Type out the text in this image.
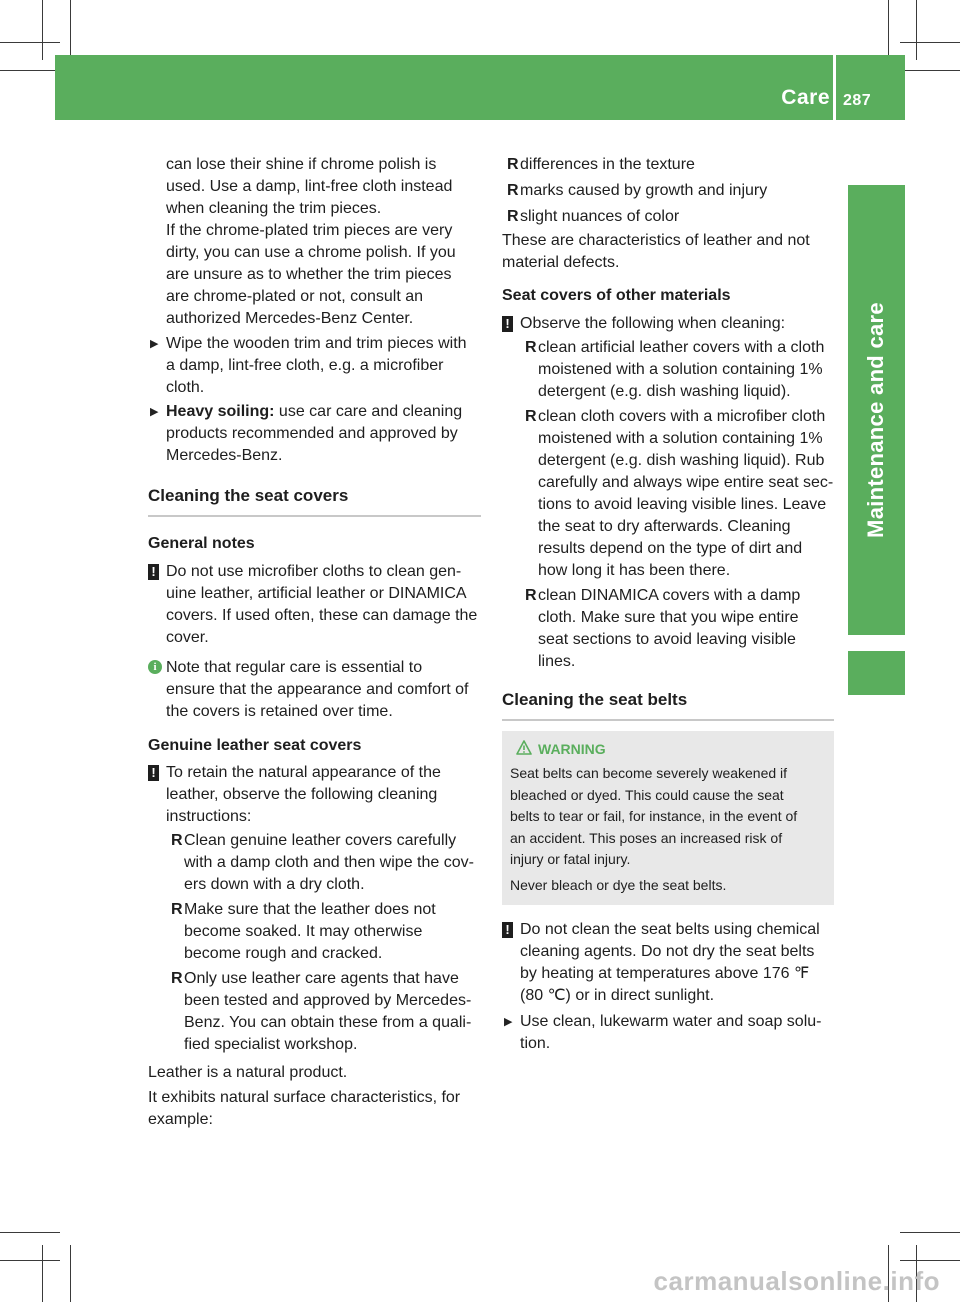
Care 287
Maintenance and care

can lose their shine if chrome polish is

used. Use a damp, lint-free cloth instead

when cleaning the trim pieces.

If the chrome-plated trim pieces are very

dirty, you can use a chrome polish. If you

are unsure as to whether the trim pieces

are chrome-plated or not, consult an

authorized Mercedes-Benz Center.

▶ Wipe the wooden trim and trim pieces with

a damp, lint-free cloth, e.g. a microfiber

cloth.

▶ Heavy soiling: use car care and cleaning

products recommended and approved by

Mercedes-Benz.

Cleaning the seat covers

General notes

! Do not use microfiber cloths to clean gen-

uine leather, artificial leather or DINAMICA

covers. If used often, these can damage the

cover.

i Note that regular care is essential to

ensure that the appearance and comfort of

the covers is retained over time.

Genuine leather seat covers

! To retain the natural appearance of the

leather, observe the following cleaning

instructions:

R Clean genuine leather covers carefully

with a damp cloth and then wipe the cov-

ers down with a dry cloth.

R Make sure that the leather does not

become soaked. It may otherwise

become rough and cracked.

R Only use leather care agents that have

been tested and approved by Mercedes-

Benz. You can obtain these from a quali-

fied specialist workshop.

Leather is a natural product.

It exhibits natural surface characteristics, for

example:

R differences in the texture

R marks caused by growth and injury

R slight nuances of color

These are characteristics of leather and not

material defects.

Seat covers of other materials

! Observe the following when cleaning:

R clean artificial leather covers with a cloth

moistened with a solution containing 1%

detergent (e.g. dish washing liquid).

R clean cloth covers with a microfiber cloth

moistened with a solution containing 1%

detergent (e.g. dish washing liquid). Rub

carefully and always wipe entire seat sec-

tions to avoid leaving visible lines. Leave

the seat to dry afterwards. Cleaning

results depend on the type of dirt and

how long it has been there.

R clean DINAMICA covers with a damp

cloth. Make sure that you wipe entire

seat sections to avoid leaving visible

lines.

Cleaning the seat belts
WARNING

Seat belts can become severely weakened if

bleached or dyed. This could cause the seat

belts to tear or fail, for instance, in the event of

an accident. This poses an increased risk of

injury or fatal injury.

Never bleach or dye the seat belts.

! Do not clean the seat belts using chemical

cleaning agents. Do not dry the seat belts

by heating at temperatures above 176 ℉

(80 ℃) or in direct sunlight.

▶ Use clean, lukewarm water and soap solu-

tion.

carmanualsonline.info
